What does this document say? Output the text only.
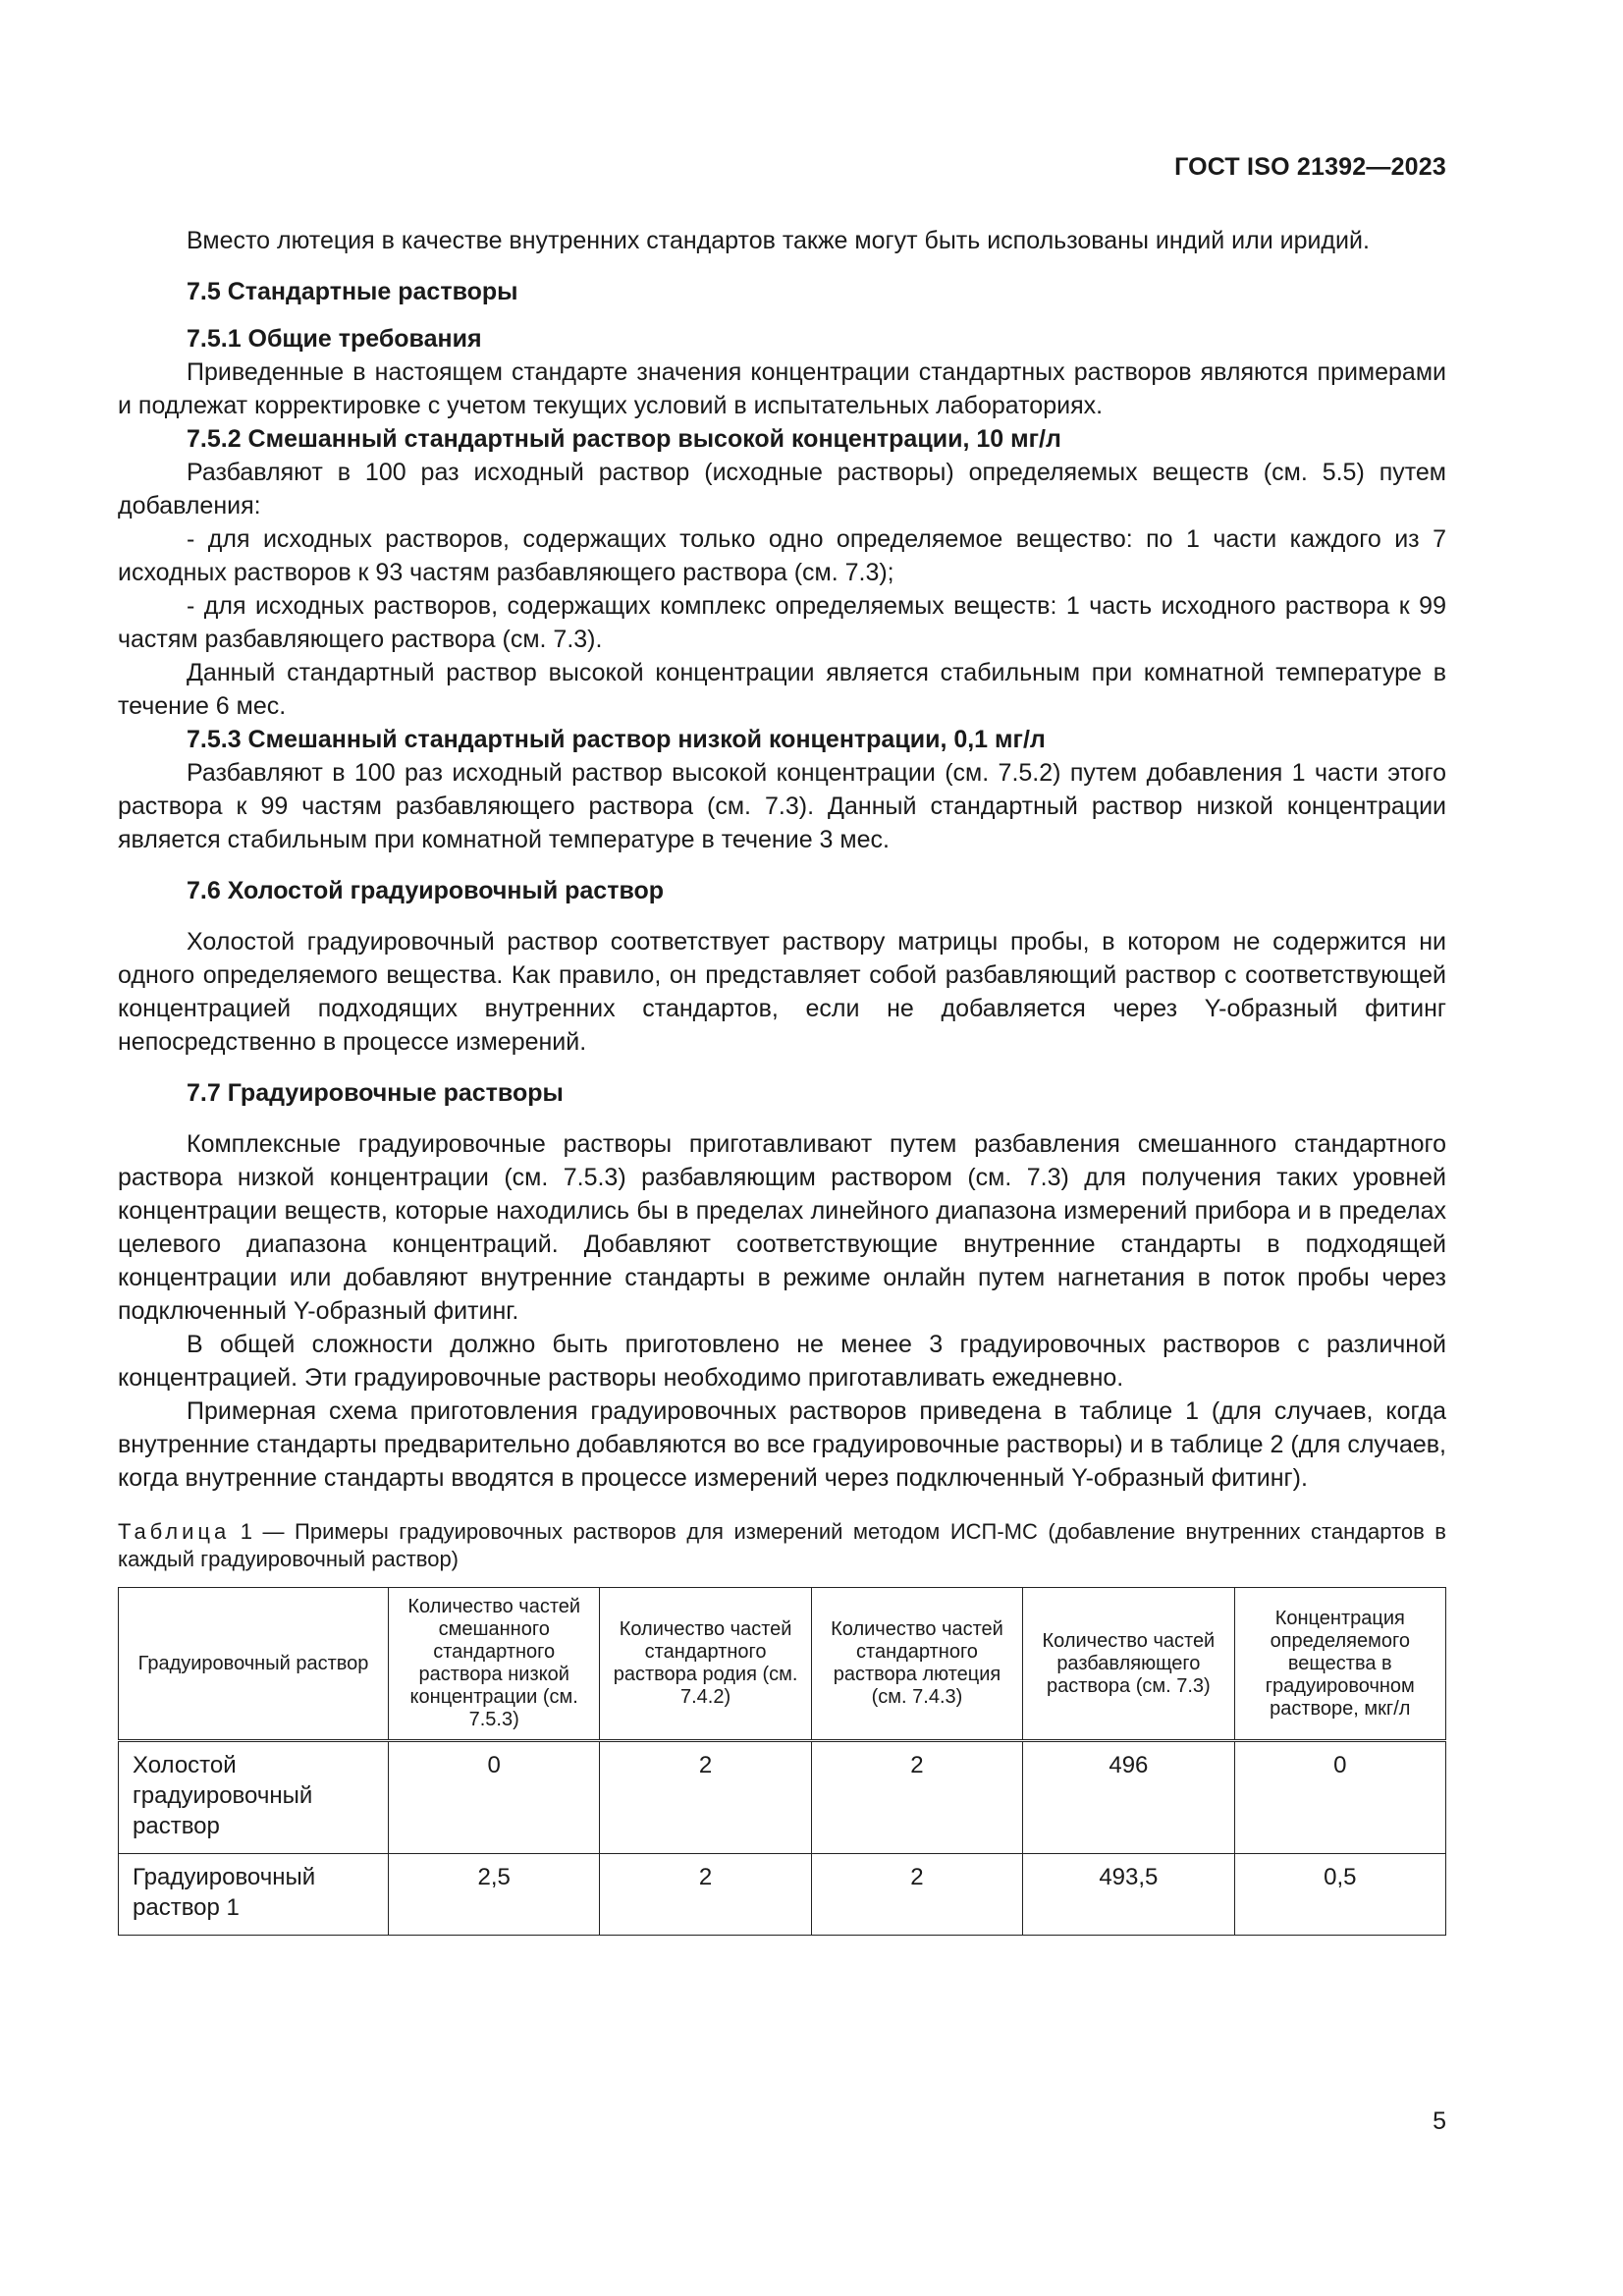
ГОСТ ISO 21392—2023

Вместо лютеция в качестве внутренних стандартов также могут быть использованы индий или иридий.

7.5 Стандартные растворы
7.5.1 Общие требования

Приведенные в настоящем стандарте значения концентрации стандартных растворов являются примерами и подлежат корректировке с учетом текущих условий в испытательных лабораториях.

7.5.2 Смешанный стандартный раствор высокой концентрации, 10 мг/л

Разбавляют в 100 раз исходный раствор (исходные растворы) определяемых веществ (см. 5.5) путем добавления:

- для исходных растворов, содержащих только одно определяемое вещество: по 1 части каждого из 7 исходных растворов к 93 частям разбавляющего раствора (см. 7.3);

- для исходных растворов, содержащих комплекс определяемых веществ: 1 часть исходного раствора к 99 частям разбавляющего раствора (см. 7.3).

Данный стандартный раствор высокой концентрации является стабильным при комнатной температуре в течение 6 мес.

7.5.3 Смешанный стандартный раствор низкой концентрации, 0,1 мг/л

Разбавляют в 100 раз исходный раствор высокой концентрации (см. 7.5.2) путем добавления 1 части этого раствора к 99 частям разбавляющего раствора (см. 7.3). Данный стандартный раствор низкой концентрации является стабильным при комнатной температуре в течение 3 мес.

7.6 Холостой градуировочный раствор

Холостой градуировочный раствор соответствует раствору матрицы пробы, в котором не содержится ни одного определяемого вещества. Как правило, он представляет собой разбавляющий раствор с соответствующей концентрацией подходящих внутренних стандартов, если не добавляется через Y-образный фитинг непосредственно в процессе измерений.

7.7 Градуировочные растворы

Комплексные градуировочные растворы приготавливают путем разбавления смешанного стандартного раствора низкой концентрации (см. 7.5.3) разбавляющим раствором (см. 7.3) для получения таких уровней концентрации веществ, которые находились бы в пределах линейного диапазона измерений прибора и в пределах целевого диапазона концентраций. Добавляют соответствующие внутренние стандарты в подходящей концентрации или добавляют внутренние стандарты в режиме онлайн путем нагнетания в поток пробы через подключенный Y-образный фитинг.

В общей сложности должно быть приготовлено не менее 3 градуировочных растворов с различной концентрацией. Эти градуировочные растворы необходимо приготавливать ежедневно.

Примерная схема приготовления градуировочных растворов приведена в таблице 1 (для случаев, когда внутренние стандарты предварительно добавляются во все градуировочные растворы) и в таблице 2 (для случаев, когда внутренние стандарты вводятся в процессе измерений через подключенный Y-образный фитинг).

Таблица 1 — Примеры градуировочных растворов для измерений методом ИСП-МС (добавление внутренних стандартов в каждый градуировочный раствор)
Градуировочный раствор	Количество частей смешанного стандартного раствора низкой концентрации (см. 7.5.3)	Количество частей стандартного раствора родия (см. 7.4.2)	Количество частей стандартного раствора лютеция (см. 7.4.3)	Количество частей разбавляющего раствора (см. 7.3)	Концентрация определяемого вещества в градуировочном растворе, мкг/л
Холостой градуировочный раствор	0	2	2	496	0
Градуировочный раствор 1	2,5	2	2	493,5	0,5
5
